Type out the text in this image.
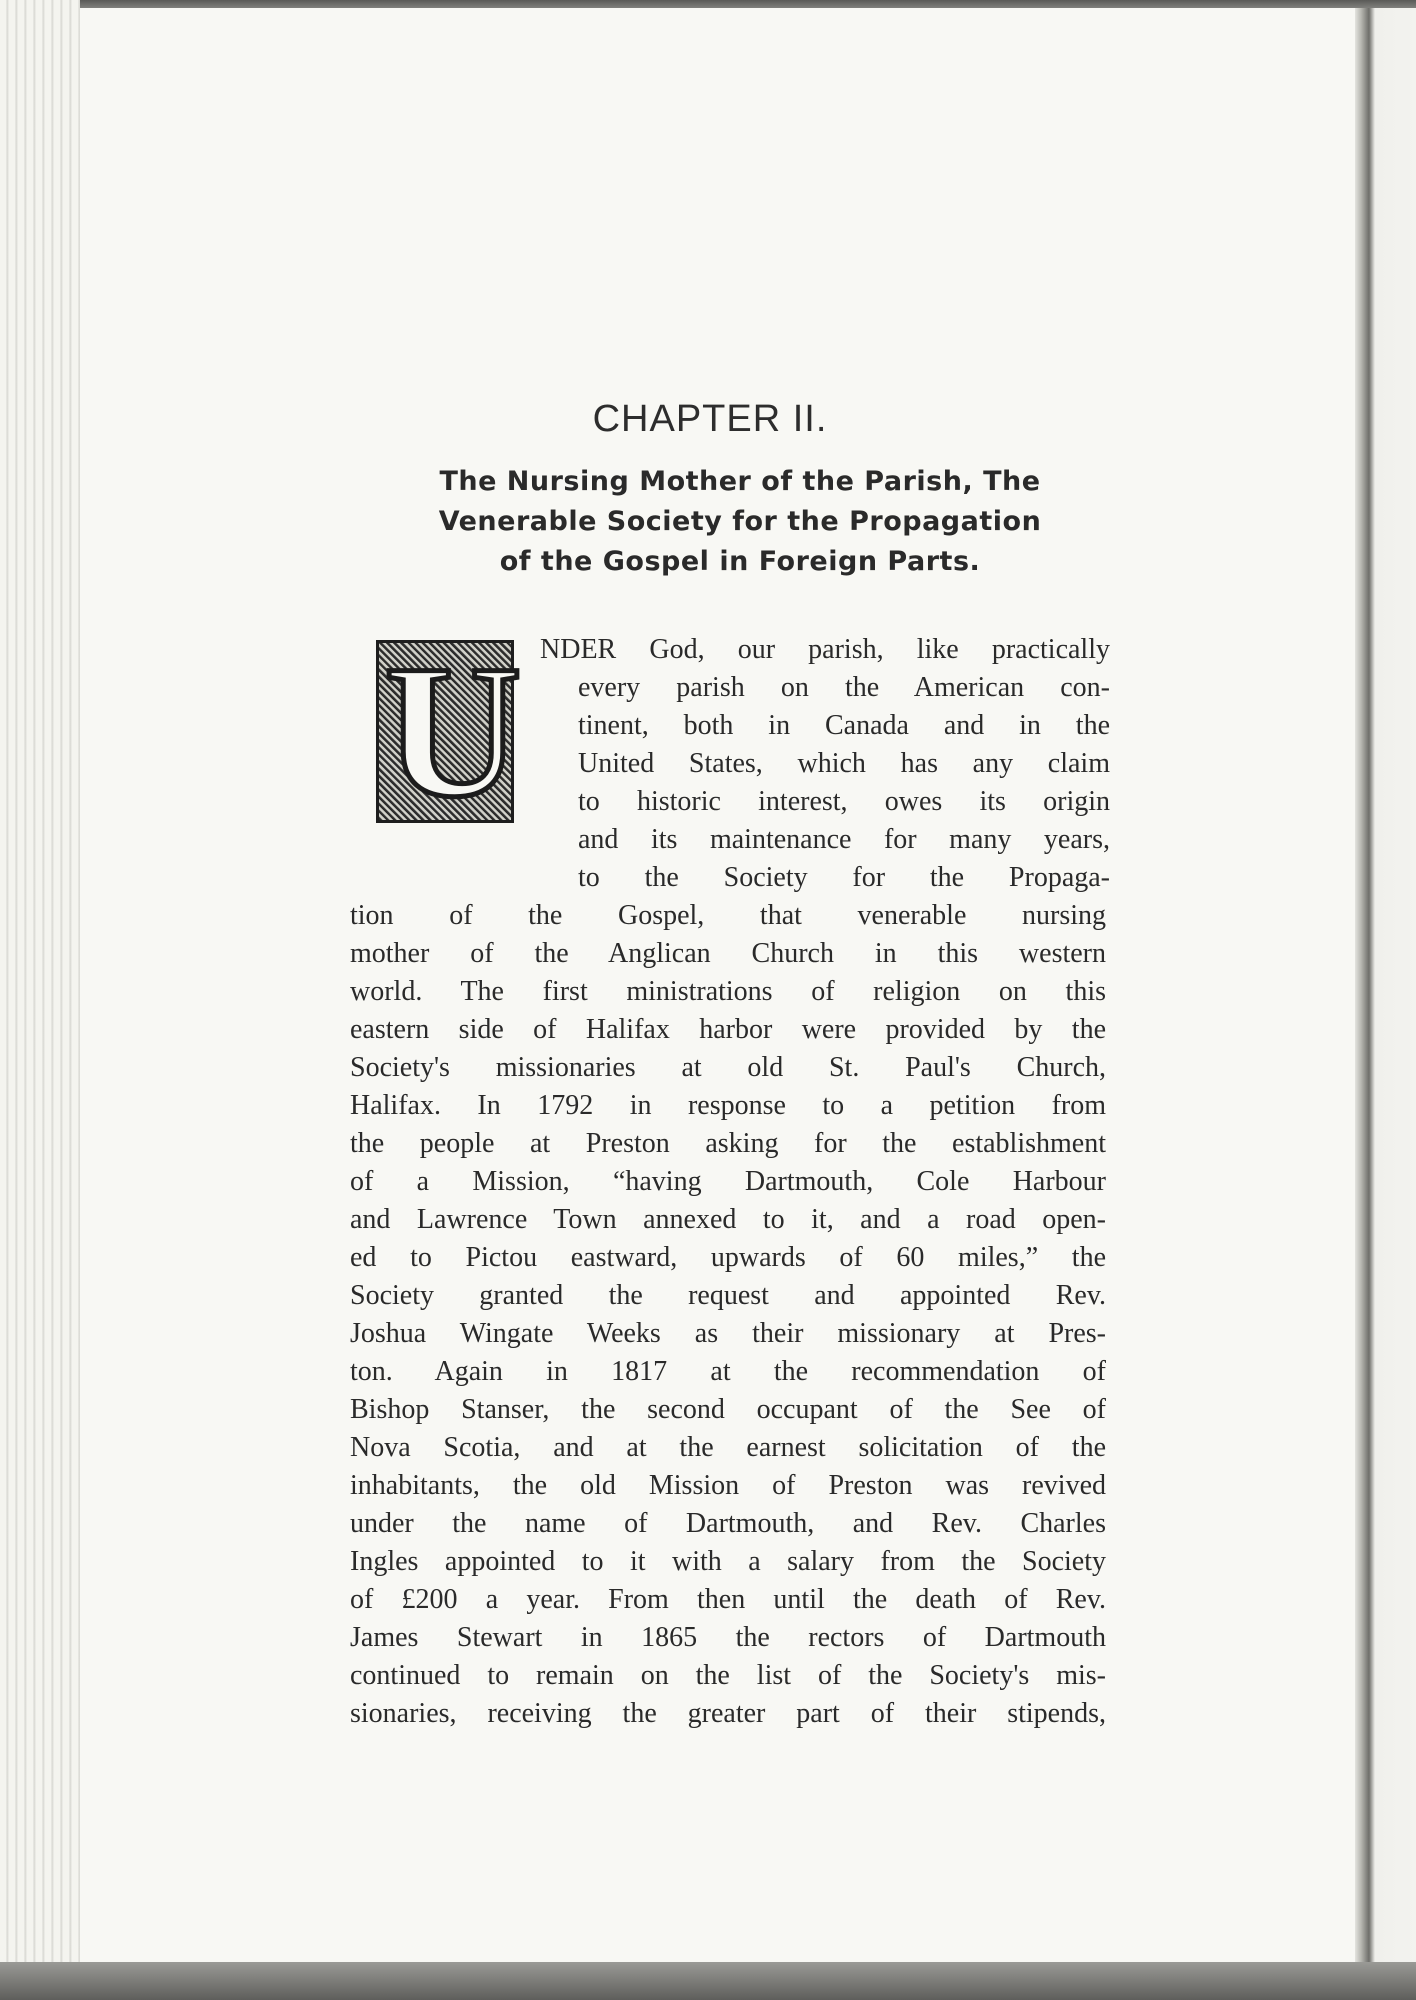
CHAPTER II.
The Nursing Mother of the Parish, The
Venerable Society for the Propagation
of the Gospel in Foreign Parts.
U NDER God, our parish, like practically
every parish on the American con-
tinent, both in Canada and in the
United States, which has any claim
to historic interest, owes its origin
and its maintenance for many years,
to the Society for the Propaga-
tion of the Gospel, that venerable nursing
mother of the Anglican Church in this western
world. The first ministrations of religion on this
eastern side of Halifax harbor were provided by the
Society's missionaries at old St. Paul's Church,
Halifax. In 1792 in response to a petition from
the people at Preston asking for the establishment
of a Mission, “having Dartmouth, Cole Harbour
and Lawrence Town annexed to it, and a road open-
ed to Pictou eastward, upwards of 60 miles,” the
Society granted the request and appointed Rev.
Joshua Wingate Weeks as their missionary at Pres-
ton. Again in 1817 at the recommendation of
Bishop Stanser, the second occupant of the See of
Nova Scotia, and at the earnest solicitation of the
inhabitants, the old Mission of Preston was revived
under the name of Dartmouth, and Rev. Charles
Ingles appointed to it with a salary from the Society
of £200 a year. From then until the death of Rev.
James Stewart in 1865 the rectors of Dartmouth
continued to remain on the list of the Society's mis-
sionaries, receiving the greater part of their stipends,
